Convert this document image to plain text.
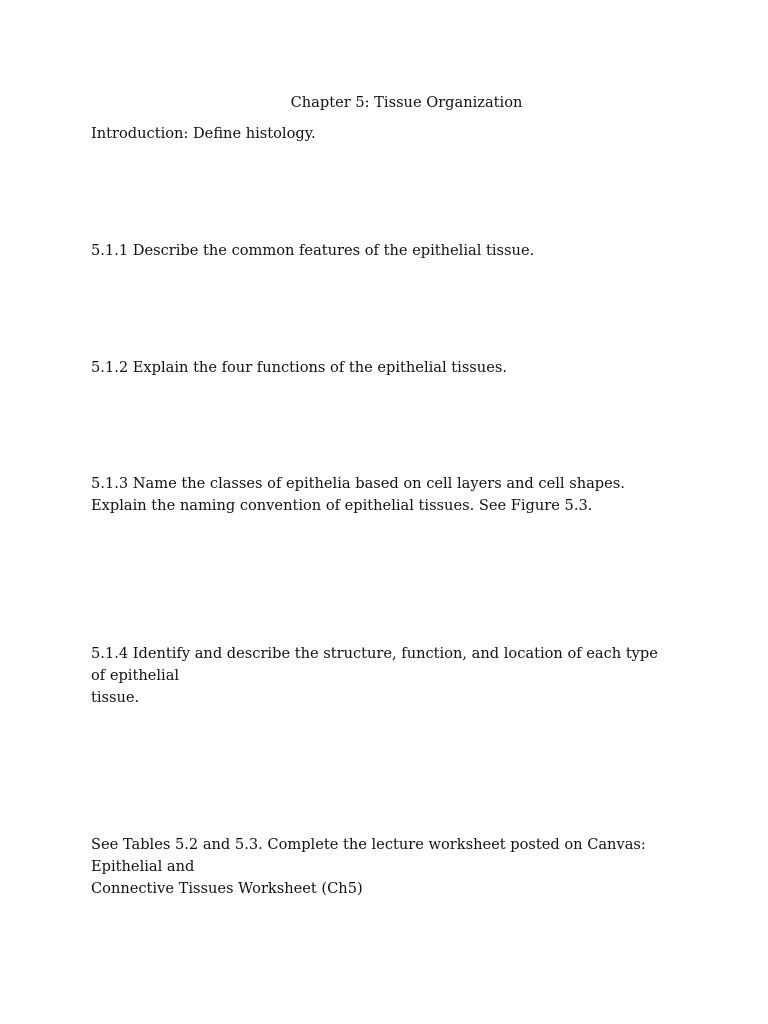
Chapter 5: Tissue Organization

Introduction: Define histology.

5.1.1 Describe the common features of the epithelial tissue.

5.1.2 Explain the four functions of the epithelial tissues.

5.1.3 Name the classes of epithelia based on cell layers and cell shapes.

Explain the naming convention of epithelial tissues. See Figure 5.3.

5.1.4 Identify and describe the structure, function, and location of each type

of epithelial

tissue.

See Tables 5.2 and 5.3. Complete the lecture worksheet posted on Canvas:

Epithelial and

Connective Tissues Worksheet (Ch5)
